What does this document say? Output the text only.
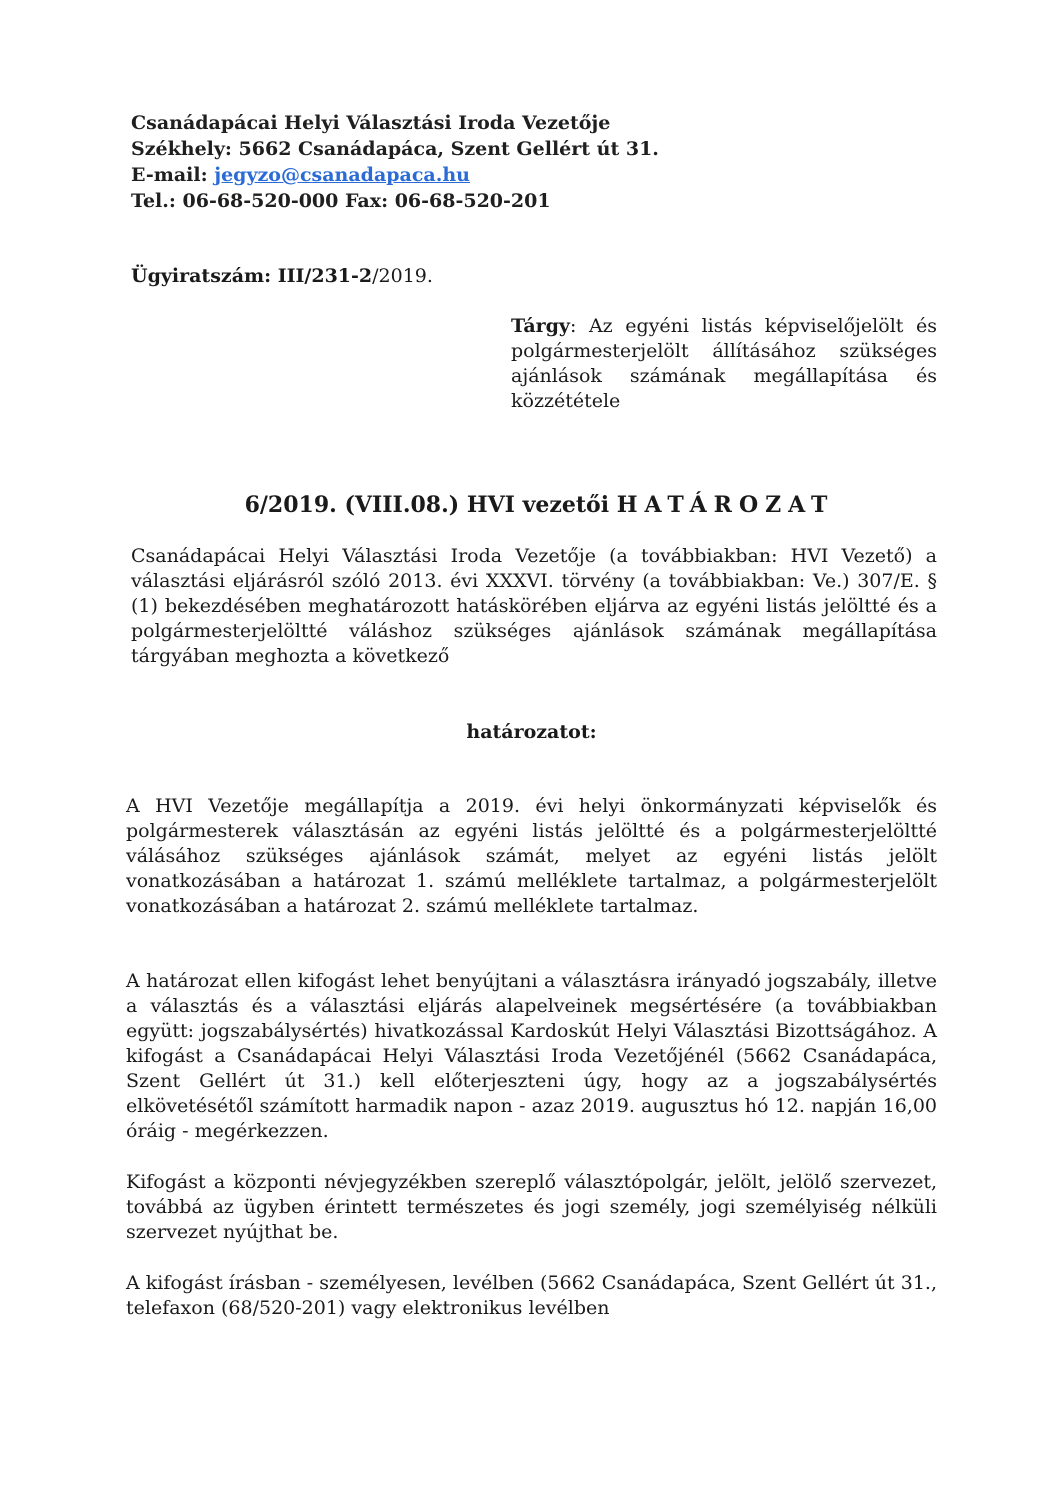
Csanádapácai Helyi Választási Iroda Vezetője
Székhely: 5662 Csanádapáca, Szent Gellért út 31.
E-mail: jegyzo@csanadapaca.hu
Tel.: 06-68-520-000 Fax: 06-68-520-201
Ügyiratszám: III/231-2/2019.
Tárgy: Az egyéni listás képviselőjelölt és polgármesterjelölt állításához szükséges ajánlások számának megállapítása és közzététele
6/2019. (VIII.08.) HVI vezetői HATÁROZAT
Csanádapácai Helyi Választási Iroda Vezetője (a továbbiakban: HVI Vezető) a választási eljárásról szóló 2013. évi XXXVI. törvény (a továbbiakban: Ve.) 307/E. § (1) bekezdésében meghatározott hatáskörében eljárva az egyéni listás jelöltté és a polgármesterjelöltté váláshoz szükséges ajánlások számának megállapítása tárgyában meghozta a következő
határozatot:
A HVI Vezetője megállapítja a 2019. évi helyi önkormányzati képviselők és polgármesterek választásán az egyéni listás jelöltté és a polgármesterjelöltté válásához szükséges ajánlások számát, melyet az egyéni listás jelölt vonatkozásában a határozat 1. számú melléklete tartalmaz, a polgármesterjelölt vonatkozásában a határozat 2. számú melléklete tartalmaz.
A határozat ellen kifogást lehet benyújtani a választásra irányadó jogszabály, illetve a választás és a választási eljárás alapelveinek megsértésére (a továbbiakban együtt: jogszabálysértés) hivatkozással Kardoskút Helyi Választási Bizottságához. A kifogást a Csanádapácai Helyi Választási Iroda Vezetőjénél (5662 Csanádapáca, Szent Gellért út 31.) kell előterjeszteni úgy, hogy az a jogszabálysértés elkövetésétől számított harmadik napon - azaz 2019. augusztus hó 12. napján 16,00 óráig - megérkezzen.
Kifogást a központi névjegyzékben szereplő választópolgár, jelölt, jelölő szervezet, továbbá az ügyben érintett természetes és jogi személy, jogi személyiség nélküli szervezet nyújthat be.
A kifogást írásban - személyesen, levélben (5662 Csanádapáca, Szent Gellért út 31., telefaxon (68/520-201) vagy elektronikus levélben
